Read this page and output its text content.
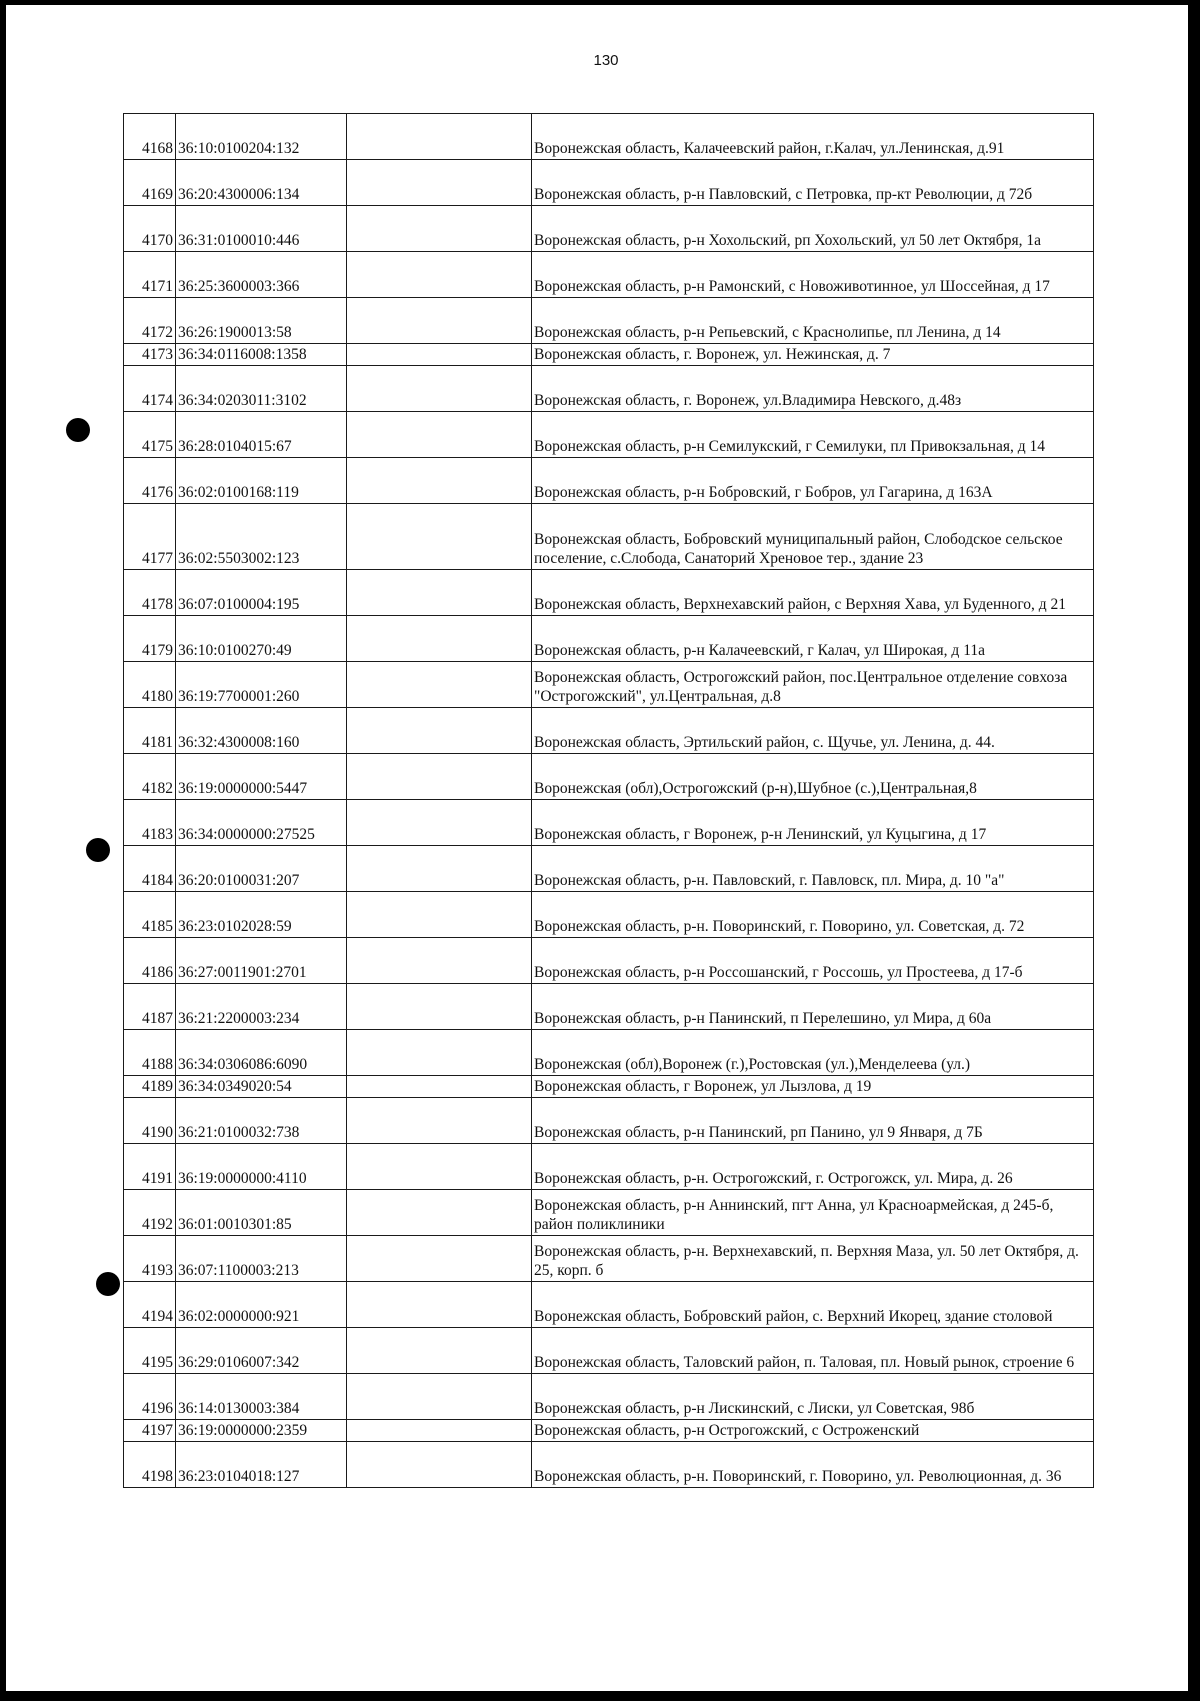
130
4168	36:10:0100204:132		Воронежская область, Калачеевский район, г.Калач, ул.Ленинская, д.91
4169	36:20:4300006:134		Воронежская область, р-н Павловский, с Петровка, пр-кт Революции, д 72б
4170	36:31:0100010:446		Воронежская область, р-н Хохольский, рп Хохольский, ул 50 лет Октября, 1а
4171	36:25:3600003:366		Воронежская область, р-н Рамонский, с Новоживотинное, ул Шоссейная, д 17
4172	36:26:1900013:58		Воронежская область, р-н Репьевский, с Краснолипье, пл Ленина, д 14
4173	36:34:0116008:1358		Воронежская область, г. Воронеж, ул. Нежинская, д. 7
4174	36:34:0203011:3102		Воронежская область, г. Воронеж, ул.Владимира Невского, д.48з
4175	36:28:0104015:67		Воронежская область, р-н Семилукский, г Семилуки, пл Привокзальная, д 14
4176	36:02:0100168:119		Воронежская область, р-н Бобровский, г Бобров, ул Гагарина, д 163А
4177	36:02:5503002:123		Воронежская область, Бобровский муниципальный район, Слободское сельское поселение, с.Слобода, Санаторий Хреновое тер., здание 23
4178	36:07:0100004:195		Воронежская область, Верхнехавский район, с Верхняя Хава, ул Буденного, д 21
4179	36:10:0100270:49		Воронежская область, р-н Калачеевский, г Калач, ул Широкая, д 11а
4180	36:19:7700001:260		Воронежская область, Острогожский район, пос.Центральное отделение совхоза "Острогожский", ул.Центральная, д.8
4181	36:32:4300008:160		Воронежская область, Эртильский район, с. Щучье, ул. Ленина, д. 44.
4182	36:19:0000000:5447		Воронежская (обл),Острогожский (р-н),Шубное (с.),Центральная,8
4183	36:34:0000000:27525		Воронежская область, г Воронеж, р-н Ленинский, ул Куцыгина, д 17
4184	36:20:0100031:207		Воронежская область, р-н. Павловский, г. Павловск, пл. Мира, д. 10 "а"
4185	36:23:0102028:59		Воронежская область, р-н. Поворинский, г. Поворино, ул. Советская, д. 72
4186	36:27:0011901:2701		Воронежская область, р-н Россошанский, г Россошь, ул Простеева, д 17-б
4187	36:21:2200003:234		Воронежская область, р-н Панинский, п Перелешино, ул Мира, д 60а
4188	36:34:0306086:6090		Воронежская (обл),Воронеж (г.),Ростовская (ул.),Менделеева (ул.)
4189	36:34:0349020:54		Воронежская область, г Воронеж, ул Лызлова, д 19
4190	36:21:0100032:738		Воронежская область, р-н Панинский, рп Панино, ул 9 Января, д 7Б
4191	36:19:0000000:4110		Воронежская область, р-н. Острогожский, г. Острогожск, ул. Мира, д. 26
4192	36:01:0010301:85		Воронежская область, р-н Аннинский, пгт Анна, ул Красноармейская, д 245-б, район поликлиники
4193	36:07:1100003:213		Воронежская область, р-н. Верхнехавский, п. Верхняя Маза, ул. 50 лет Октября, д. 25, корп. б
4194	36:02:0000000:921		Воронежская область, Бобровский район, с. Верхний Икорец, здание столовой
4195	36:29:0106007:342		Воронежская область, Таловский район, п. Таловая, пл. Новый рынок, строение 6
4196	36:14:0130003:384		Воронежская область, р-н Лискинский, с Лиски, ул Советская, 98б
4197	36:19:0000000:2359		Воронежская область, р-н Острогожский, с Остроженский
4198	36:23:0104018:127		Воронежская область, р-н. Поворинский, г. Поворино, ул. Революционная, д. 36
